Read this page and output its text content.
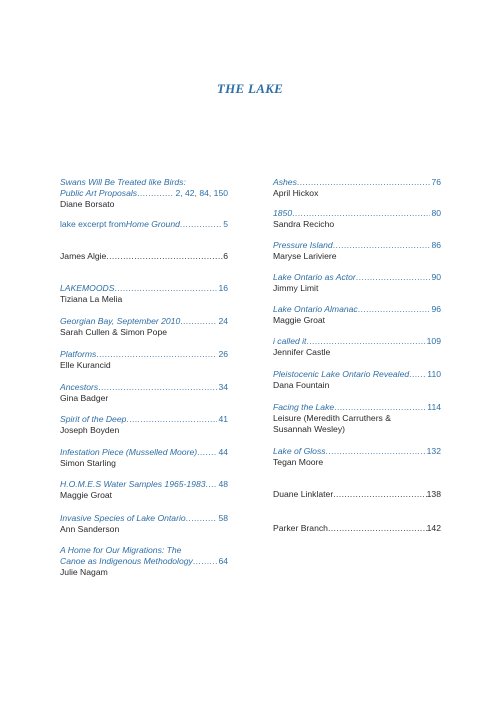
THE LAKE
Swans Will Be Treated like Birds:
Public Art Proposals .....	2, 42, 84, 150
Diane Borsato
lake excerpt from Home Ground .....	5
James Algie .....	6
LAKEMOODS .....	16
Tiziana La Melia
Georgian Bay, September 2010 .....	24
Sarah Cullen & Simon Pope
Platforms .....	26
Elle Kurancid
Ancestors .....	34
Gina Badger
Spirit of the Deep .....	41
Joseph Boyden
Infestation Piece (Musselled Moore) ..... 44
Simon Starling
H.O.M.E.S Water Samples 1965-1983 ..... 48
Maggie Groat
Invasive Species of Lake Ontario .....	58
Ann Sanderson
A Home for Our Migrations: The
Canoe as Indigenous Methodology .....	64
Julie Nagam
Ashes .....	76
April Hickox
1850 .....	80
Sandra Recicho
Pressure Island .....	86
Maryse Lariviere
Lake Ontario as Actor .....	90
Jimmy Limit
Lake Ontario Almanac .....	96
Maggie Groat
i called it .....	109
Jennifer Castle
Pleistocenic Lake Ontario Revealed ..... 110
Dana Fountain
Facing the Lake .....	114
Leisure (Meredith Carruthers &
Susannah Wesley)
Lake of Gloss .....	132
Tegan Moore
Duane Linklater .....	138
Parker Branch .....	142
